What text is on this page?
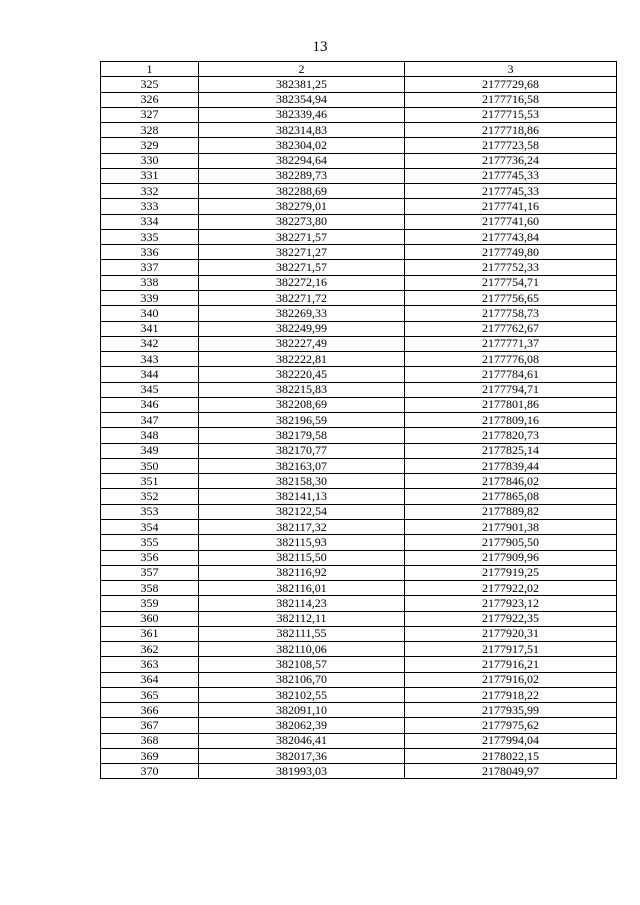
13
1	2	3
325	382381,25	2177729,68
326	382354,94	2177716,58
327	382339,46	2177715,53
328	382314,83	2177718,86
329	382304,02	2177723,58
330	382294,64	2177736,24
331	382289,73	2177745,33
332	382288,69	2177745,33
333	382279,01	2177741,16
334	382273,80	2177741,60
335	382271,57	2177743,84
336	382271,27	2177749,80
337	382271,57	2177752,33
338	382272,16	2177754,71
339	382271,72	2177756,65
340	382269,33	2177758,73
341	382249,99	2177762,67
342	382227,49	2177771,37
343	382222,81	2177776,08
344	382220,45	2177784,61
345	382215,83	2177794,71
346	382208,69	2177801,86
347	382196,59	2177809,16
348	382179,58	2177820,73
349	382170,77	2177825,14
350	382163,07	2177839,44
351	382158,30	2177846,02
352	382141,13	2177865,08
353	382122,54	2177889,82
354	382117,32	2177901,38
355	382115,93	2177905,50
356	382115,50	2177909,96
357	382116,92	2177919,25
358	382116,01	2177922,02
359	382114,23	2177923,12
360	382112,11	2177922,35
361	382111,55	2177920,31
362	382110,06	2177917,51
363	382108,57	2177916,21
364	382106,70	2177916,02
365	382102,55	2177918,22
366	382091,10	2177935,99
367	382062,39	2177975,62
368	382046,41	2177994,04
369	382017,36	2178022,15
370	381993,03	2178049,97
